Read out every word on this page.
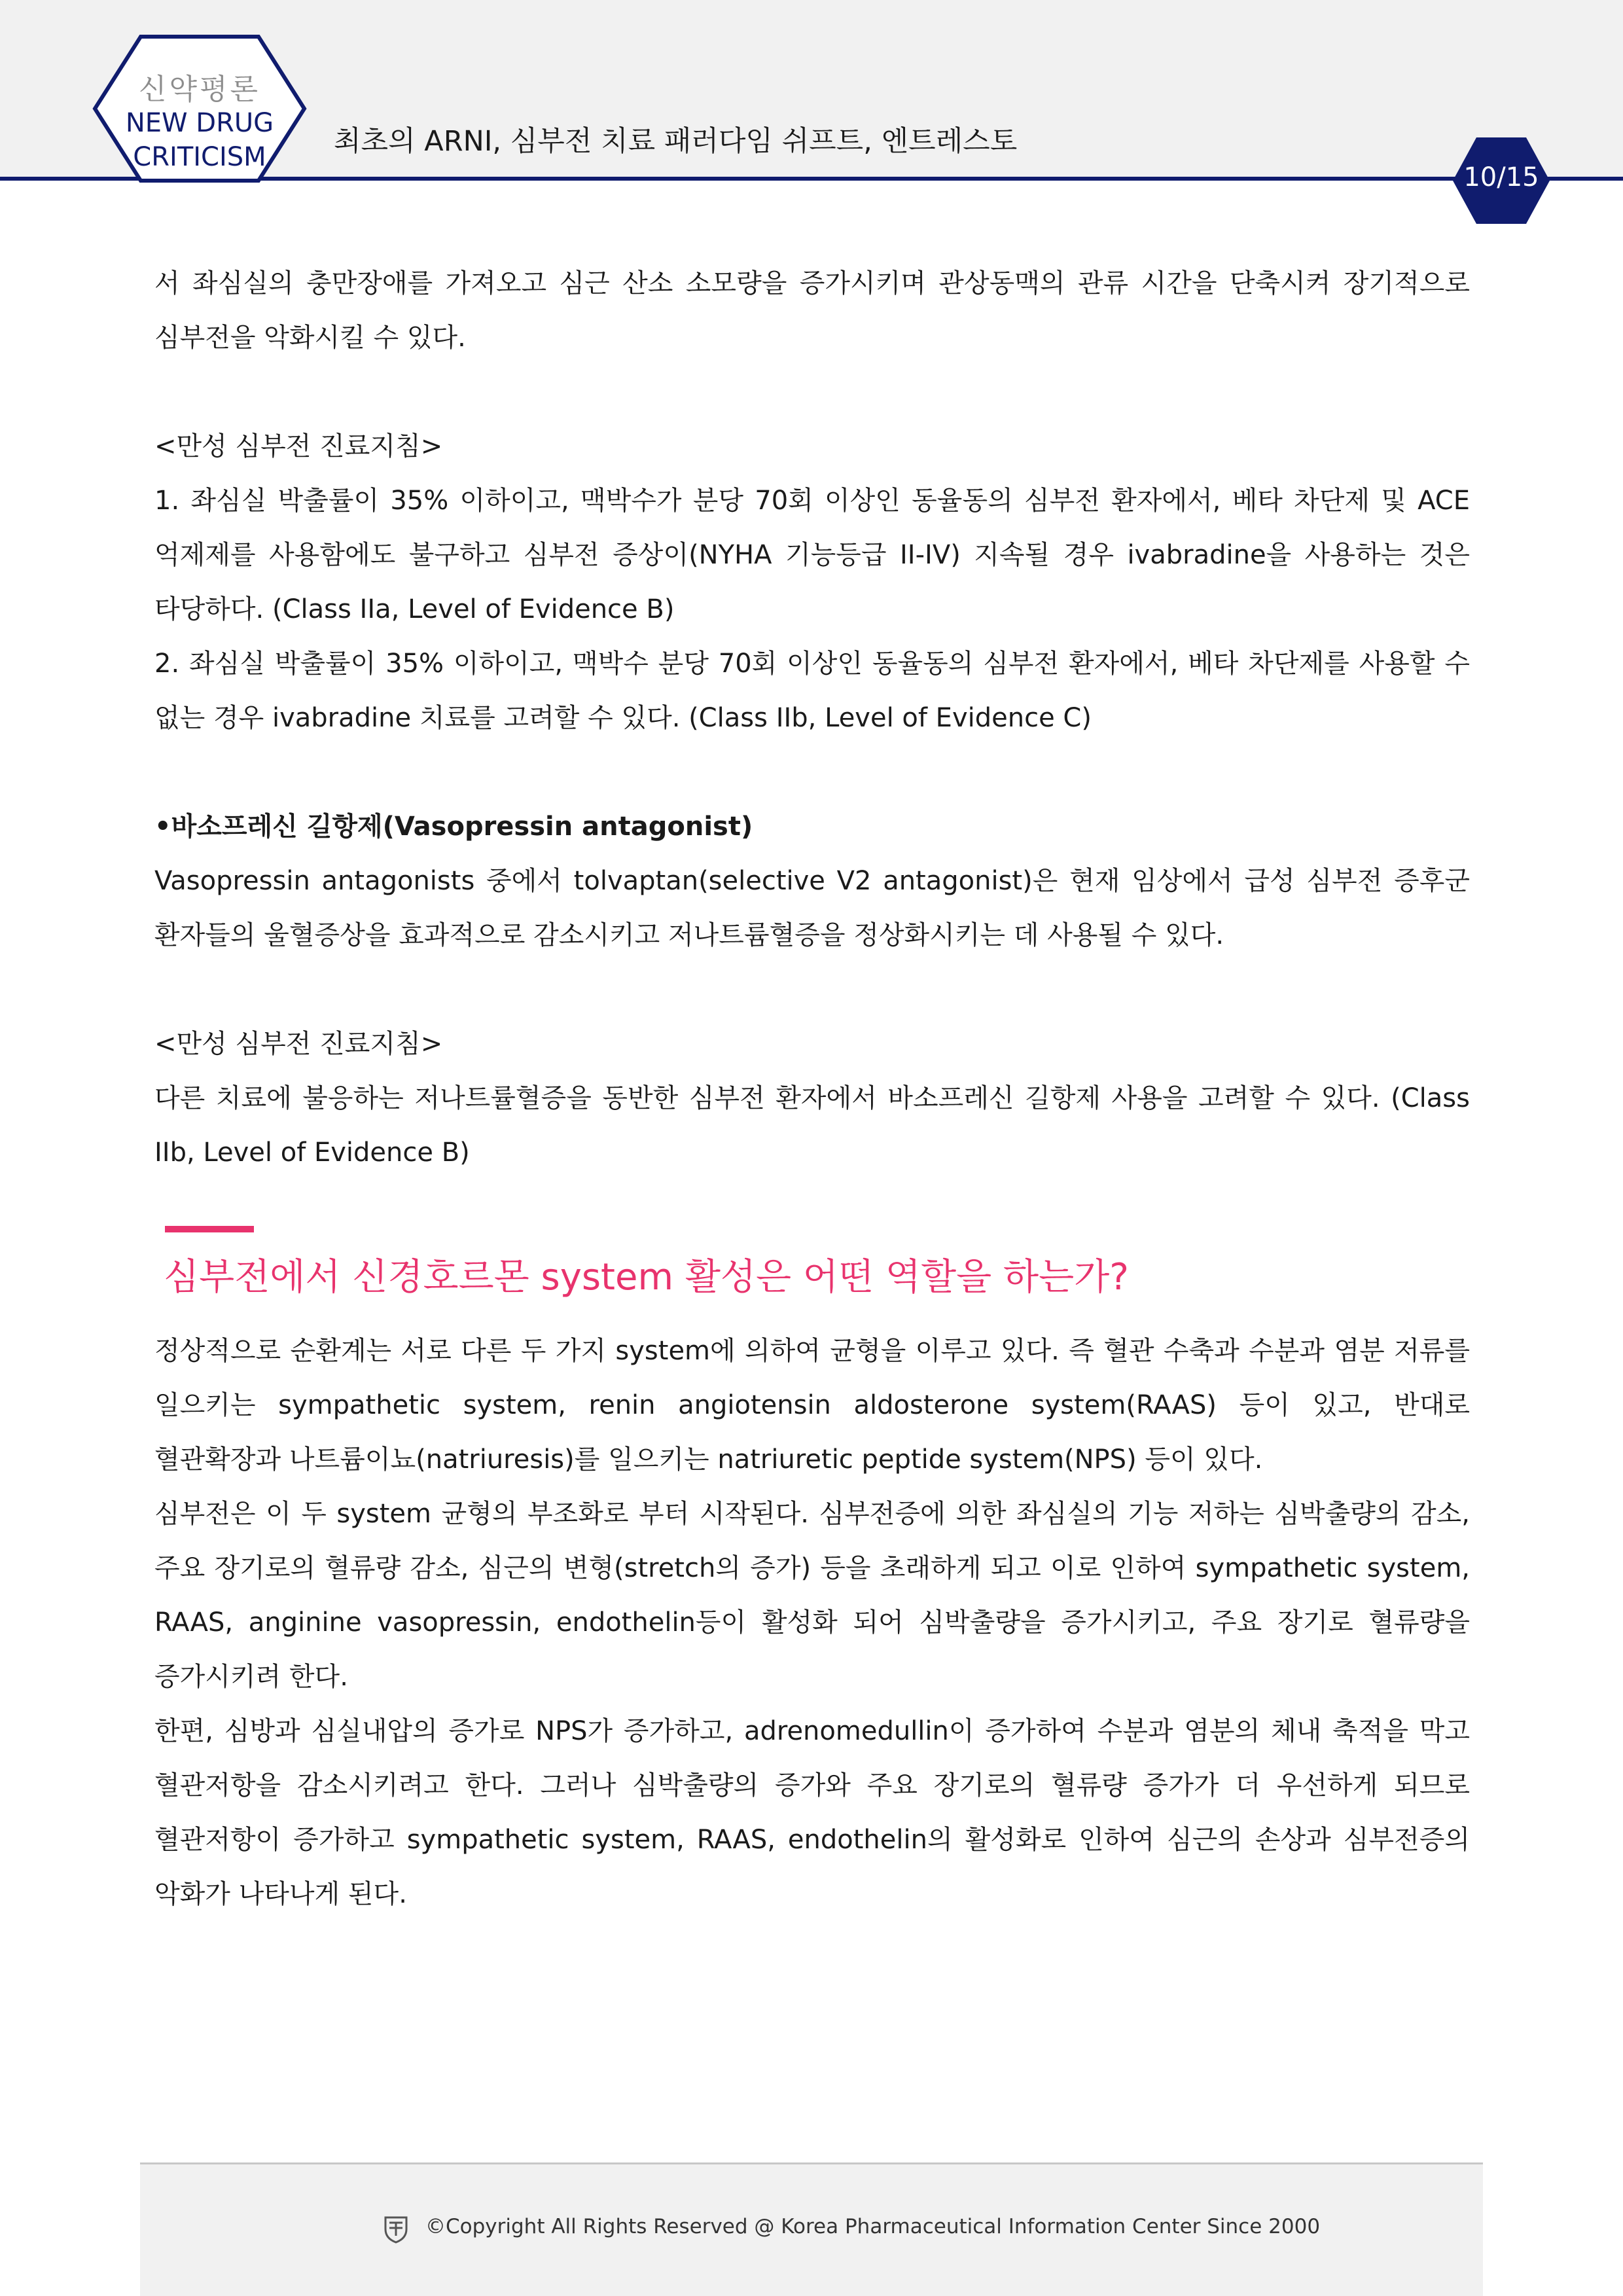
신약평론
NEW DRUG
CRITICISM	최초의 ARNI, 심부전 치료 패러다임 쉬프트, 엔트레스토
10/15

서 좌심실의 충만장애를 가져오고 심근 산소 소모량을 증가시키며 관상동맥의 관류 시간을 단축시켜 장기적으로 심부전을 악화시킬 수 있다.

<만성 심부전 진료지침>

1. 좌심실 박출률이 35% 이하이고, 맥박수가 분당 70회 이상인 동율동의 심부전 환자에서, 베타 차단제 및 ACE 억제제를 사용함에도 불구하고 심부전 증상이(NYHA 기능등급 II-IV) 지속될 경우 ivabradine을 사용하는 것은 타당하다. (Class IIa, Level of Evidence B)

2. 좌심실 박출률이 35% 이하이고, 맥박수 분당 70회 이상인 동율동의 심부전 환자에서, 베타 차단제를 사용할 수 없는 경우 ivabradine 치료를 고려할 수 있다. (Class IIb, Level of Evidence C)

•바소프레신 길항제(Vasopressin antagonist)

Vasopressin antagonists 중에서 tolvaptan(selective V2 antagonist)은 현재 임상에서 급성 심부전 증후군 환자들의 울혈증상을 효과적으로 감소시키고 저나트륨혈증을 정상화시키는 데 사용될 수 있다.

<만성 심부전 진료지침>

다른 치료에 불응하는 저나트률혈증을 동반한 심부전 환자에서 바소프레신 길항제 사용을 고려할 수 있다. (Class IIb, Level of Evidence B)

심부전에서 신경호르몬 system 활성은 어떤 역할을 하는가?

정상적으로 순환계는 서로 다른 두 가지 system에 의하여 균형을 이루고 있다. 즉 혈관 수축과 수분과 염분 저류를 일으키는 sympathetic system, renin angiotensin aldosterone system(RAAS) 등이 있고, 반대로 혈관확장과 나트륨이뇨(natriuresis)를 일으키는 natriuretic peptide system(NPS) 등이 있다.

심부전은 이 두 system 균형의 부조화로 부터 시작된다. 심부전증에 의한 좌심실의 기능 저하는 심박출량의 감소, 주요 장기로의 혈류량 감소, 심근의 변형(stretch의 증가) 등을 초래하게 되고 이로 인하여 sympathetic system, RAAS, anginine vasopressin, endothelin등이 활성화 되어 심박출량을 증가시키고, 주요 장기로 혈류량을 증가시키려 한다.

한편, 심방과 심실내압의 증가로 NPS가 증가하고, adrenomedullin이 증가하여 수분과 염분의 체내 축적을 막고 혈관저항을 감소시키려고 한다. 그러나 심박출량의 증가와 주요 장기로의 혈류량 증가가 더 우선하게 되므로 혈관저항이 증가하고 sympathetic system, RAAS, endothelin의 활성화로 인하여 심근의 손상과 심부전증의 악화가 나타나게 된다.

©Copyright All Rights Reserved @ Korea Pharmaceutical Information Center Since 2000
